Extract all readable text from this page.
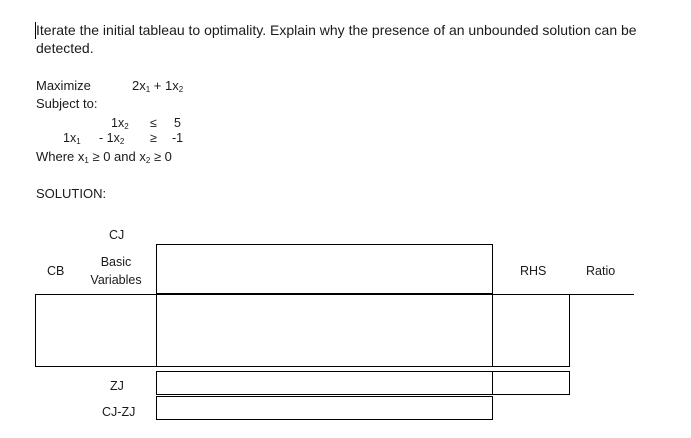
Iterate the initial tableau to optimality. Explain why the presence of an unbounded solution can be
detected.
Maximize	$2x_1 + 1x_2$
Subject to:
$1x_2 \le 5$
$1x_1 - 1x_2 \ge -1$
Where $x_1 \ge 0$ and $x_2 \ge 0$
SOLUTION:
CJ
CB
Basic
Variables
RHS	Ratio
ZJ
CJ-ZJ
